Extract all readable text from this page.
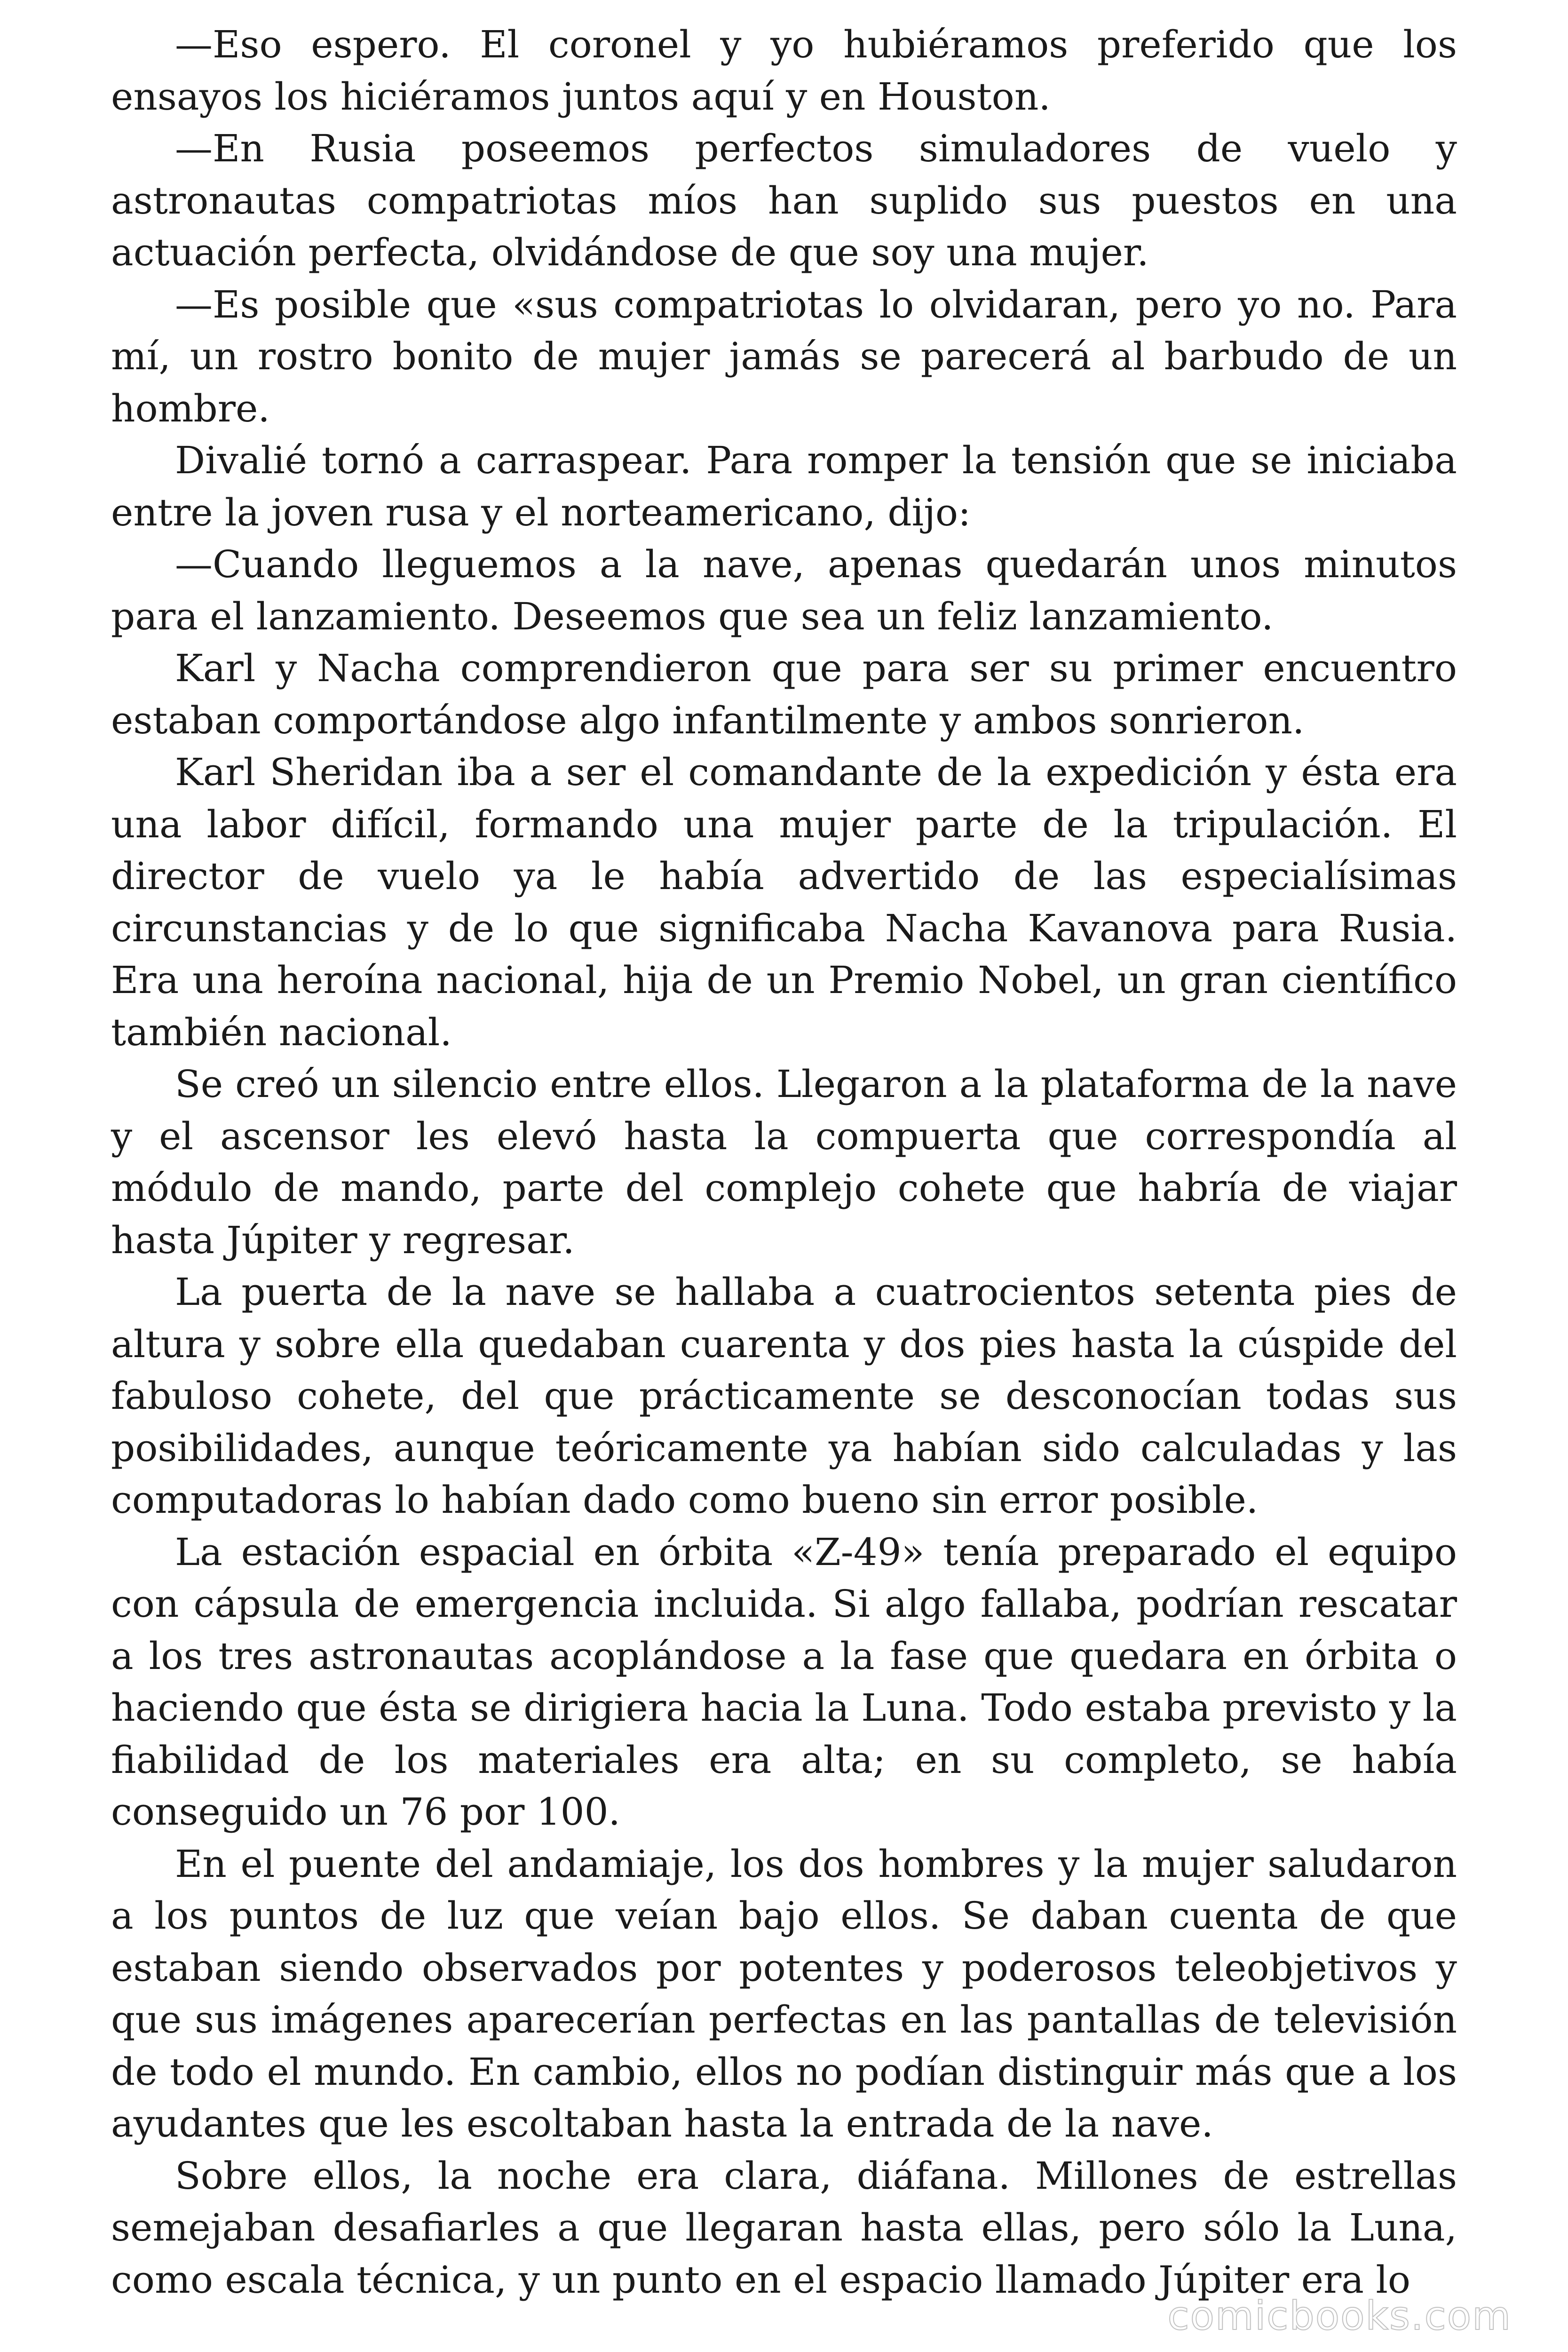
—Eso espero. El coronel y yo hubiéramos preferido que los ensayos los hiciéramos juntos aquí y en Houston.

—En Rusia poseemos perfectos simuladores de vuelo y astronautas compatriotas míos han suplido sus puestos en una actuación perfecta, olvidándose de que soy una mujer.

—Es posible que «sus compatriotas lo olvidaran, pero yo no. Para mí, un rostro bonito de mujer jamás se parecerá al barbudo de un hombre.

Divalié tornó a carraspear. Para romper la tensión que se iniciaba entre la joven rusa y el norteamericano, dijo:

—Cuando lleguemos a la nave, apenas quedarán unos minutos para el lanzamiento. Deseemos que sea un feliz lanzamiento.

Karl y Nacha comprendieron que para ser su primer encuentro estaban comportándose algo infantilmente y ambos sonrieron.

Karl Sheridan iba a ser el comandante de la expedición y ésta era una labor difícil, formando una mujer parte de la tripulación. El director de vuelo ya le había advertido de las especialísimas circunstancias y de lo que significaba Nacha Kavanova para Rusia. Era una heroína nacional, hija de un Premio Nobel, un gran científico también nacional.

Se creó un silencio entre ellos. Llegaron a la plataforma de la nave y el ascensor les elevó hasta la compuerta que correspondía al módulo de mando, parte del complejo cohete que habría de viajar hasta Júpiter y regresar.

La puerta de la nave se hallaba a cuatrocientos setenta pies de altura y sobre ella quedaban cuarenta y dos pies hasta la cúspide del fabuloso cohete, del que prácticamente se desconocían todas sus posibilidades, aunque teóricamente ya habían sido calculadas y las computadoras lo habían dado como bueno sin error posible.

La estación espacial en órbita «Z-49» tenía preparado el equipo con cápsula de emergencia incluida. Si algo fallaba, podrían rescatar a los tres astronautas acoplándose a la fase que quedara en órbita o haciendo que ésta se dirigiera hacia la Luna. Todo estaba previsto y la fiabilidad de los materiales era alta; en su completo, se había conseguido un 76 por 100.

En el puente del andamiaje, los dos hombres y la mujer saludaron a los puntos de luz que veían bajo ellos. Se daban cuenta de que estaban siendo observados por potentes y poderosos teleobjetivos y que sus imágenes aparecerían perfectas en las pantallas de televisión de todo el mundo. En cambio, ellos no podían distinguir más que a los ayudantes que les escoltaban hasta la entrada de la nave.

Sobre ellos, la noche era clara, diáfana. Millones de estrellas semejaban desafiarles a que llegaran hasta ellas, pero sólo la Luna, como escala técnica, y un punto en el espacio llamado Júpiter era lo

comicbooks.com
